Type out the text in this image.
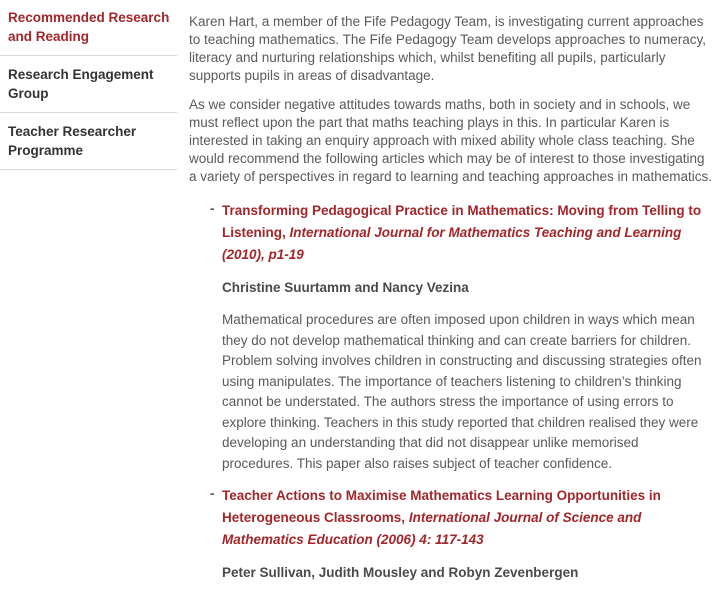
Recommended Research and Reading
Research Engagement Group
Teacher Researcher Programme

Karen Hart, a member of the Fife Pedagogy Team, is investigating current approaches to teaching mathematics. The Fife Pedagogy Team develops approaches to numeracy, literacy and nurturing relationships which, whilst benefiting all pupils, particularly supports pupils in areas of disadvantage.

As we consider negative attitudes towards maths, both in society and in schools, we must reflect upon the part that maths teaching plays in this. In particular Karen is interested in taking an enquiry approach with mixed ability whole class teaching. She would recommend the following articles which may be of interest to those investigating a variety of perspectives in regard to learning and teaching approaches in mathematics.

- Transforming Pedagogical Practice in Mathematics: Moving from Telling to Listening, International Journal for Mathematics Teaching and Learning (2010), p1-19

Christine Suurtamm and Nancy Vezina

Mathematical procedures are often imposed upon children in ways which mean they do not develop mathematical thinking and can create barriers for children. Problem solving involves children in constructing and discussing strategies often using manipulates. The importance of teachers listening to children’s thinking cannot be understated. The authors stress the importance of using errors to explore thinking. Teachers in this study reported that children realised they were developing an understanding that did not disappear unlike memorised procedures. This paper also raises subject of teacher confidence.

- Teacher Actions to Maximise Mathematics Learning Opportunities in Heterogeneous Classrooms, International Journal of Science and Mathematics Education (2006) 4: 117-143

Peter Sullivan, Judith Mousley and Robyn Zevenbergen
